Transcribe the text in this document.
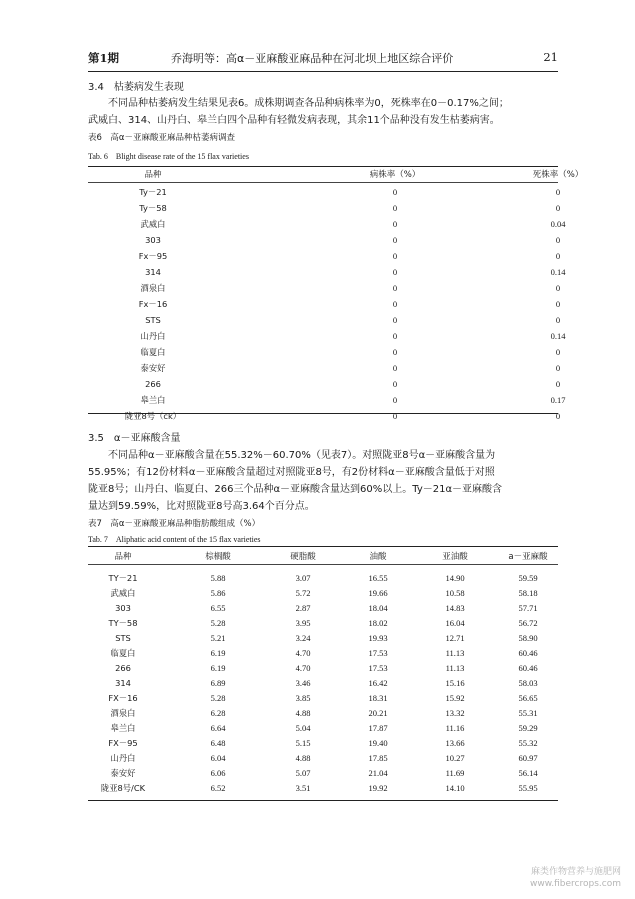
第1期	乔海明等：高α－亚麻酸亚麻品种在河北坝上地区综合评价	21
3.4　枯萎病发生表现
不同品种枯萎病发生结果见表6。成株期调查各品种病株率为0，死株率在0－0.17%之间；
武威白、314、山丹白、皋兰白四个品种有轻微发病表现，其余11个品种没有发生枯萎病害。
表6　高α－亚麻酸亚麻品种枯萎病调查
Tab. 6　Blight disease rate of the 15 flax varieties
品种	病株率（%）	死株率（%）
Ty－21	0	0
Ty－58	0	0
武威白	0	0.04
303	0	0
Fx－95	0	0
314	0	0.14
酒泉白	0	0
Fx－16	0	0
STS	0	0
山丹白	0	0.14
临夏白	0	0
泰安好	0	0
266	0	0
皋兰白	0	0.17
陇亚8号（ck）	0	0
3.5　α－亚麻酸含量
不同品种α－亚麻酸含量在55.32%－60.70%（见表7）。对照陇亚8号α－亚麻酸含量为
55.95%；有12份材料α－亚麻酸含量超过对照陇亚8号，有2份材料α－亚麻酸含量低于对照
陇亚8号；山丹白、临夏白、266三个品种α－亚麻酸含量达到60%以上。Ty－21α－亚麻酸含
量达到59.59%，比对照陇亚8号高3.64个百分点。
表7　高α－亚麻酸亚麻品种脂肪酸组成（%）
Tab. 7　Aliphatic acid content of the 15 flax varieties
品种	棕榈酸	硬脂酸	油酸	亚油酸	a－亚麻酸
TY－21	5.88	3.07	16.55	14.90	59.59
武威白	5.86	5.72	19.66	10.58	58.18
303	6.55	2.87	18.04	14.83	57.71
TY－58	5.28	3.95	18.02	16.04	56.72
STS	5.21	3.24	19.93	12.71	58.90
临夏白	6.19	4.70	17.53	11.13	60.46
266	6.19	4.70	17.53	11.13	60.46
314	6.89	3.46	16.42	15.16	58.03
FX－16	5.28	3.85	18.31	15.92	56.65
酒泉白	6.28	4.88	20.21	13.32	55.31
皋兰白	6.64	5.04	17.87	11.16	59.29
FX－95	6.48	5.15	19.40	13.66	55.32
山丹白	6.04	4.88	17.85	10.27	60.97
泰安好	6.06	5.07	21.04	11.69	56.14
陇亚8号/CK	6.52	3.51	19.92	14.10	55.95
麻类作物营养与施肥网
www.fibercrops.com
